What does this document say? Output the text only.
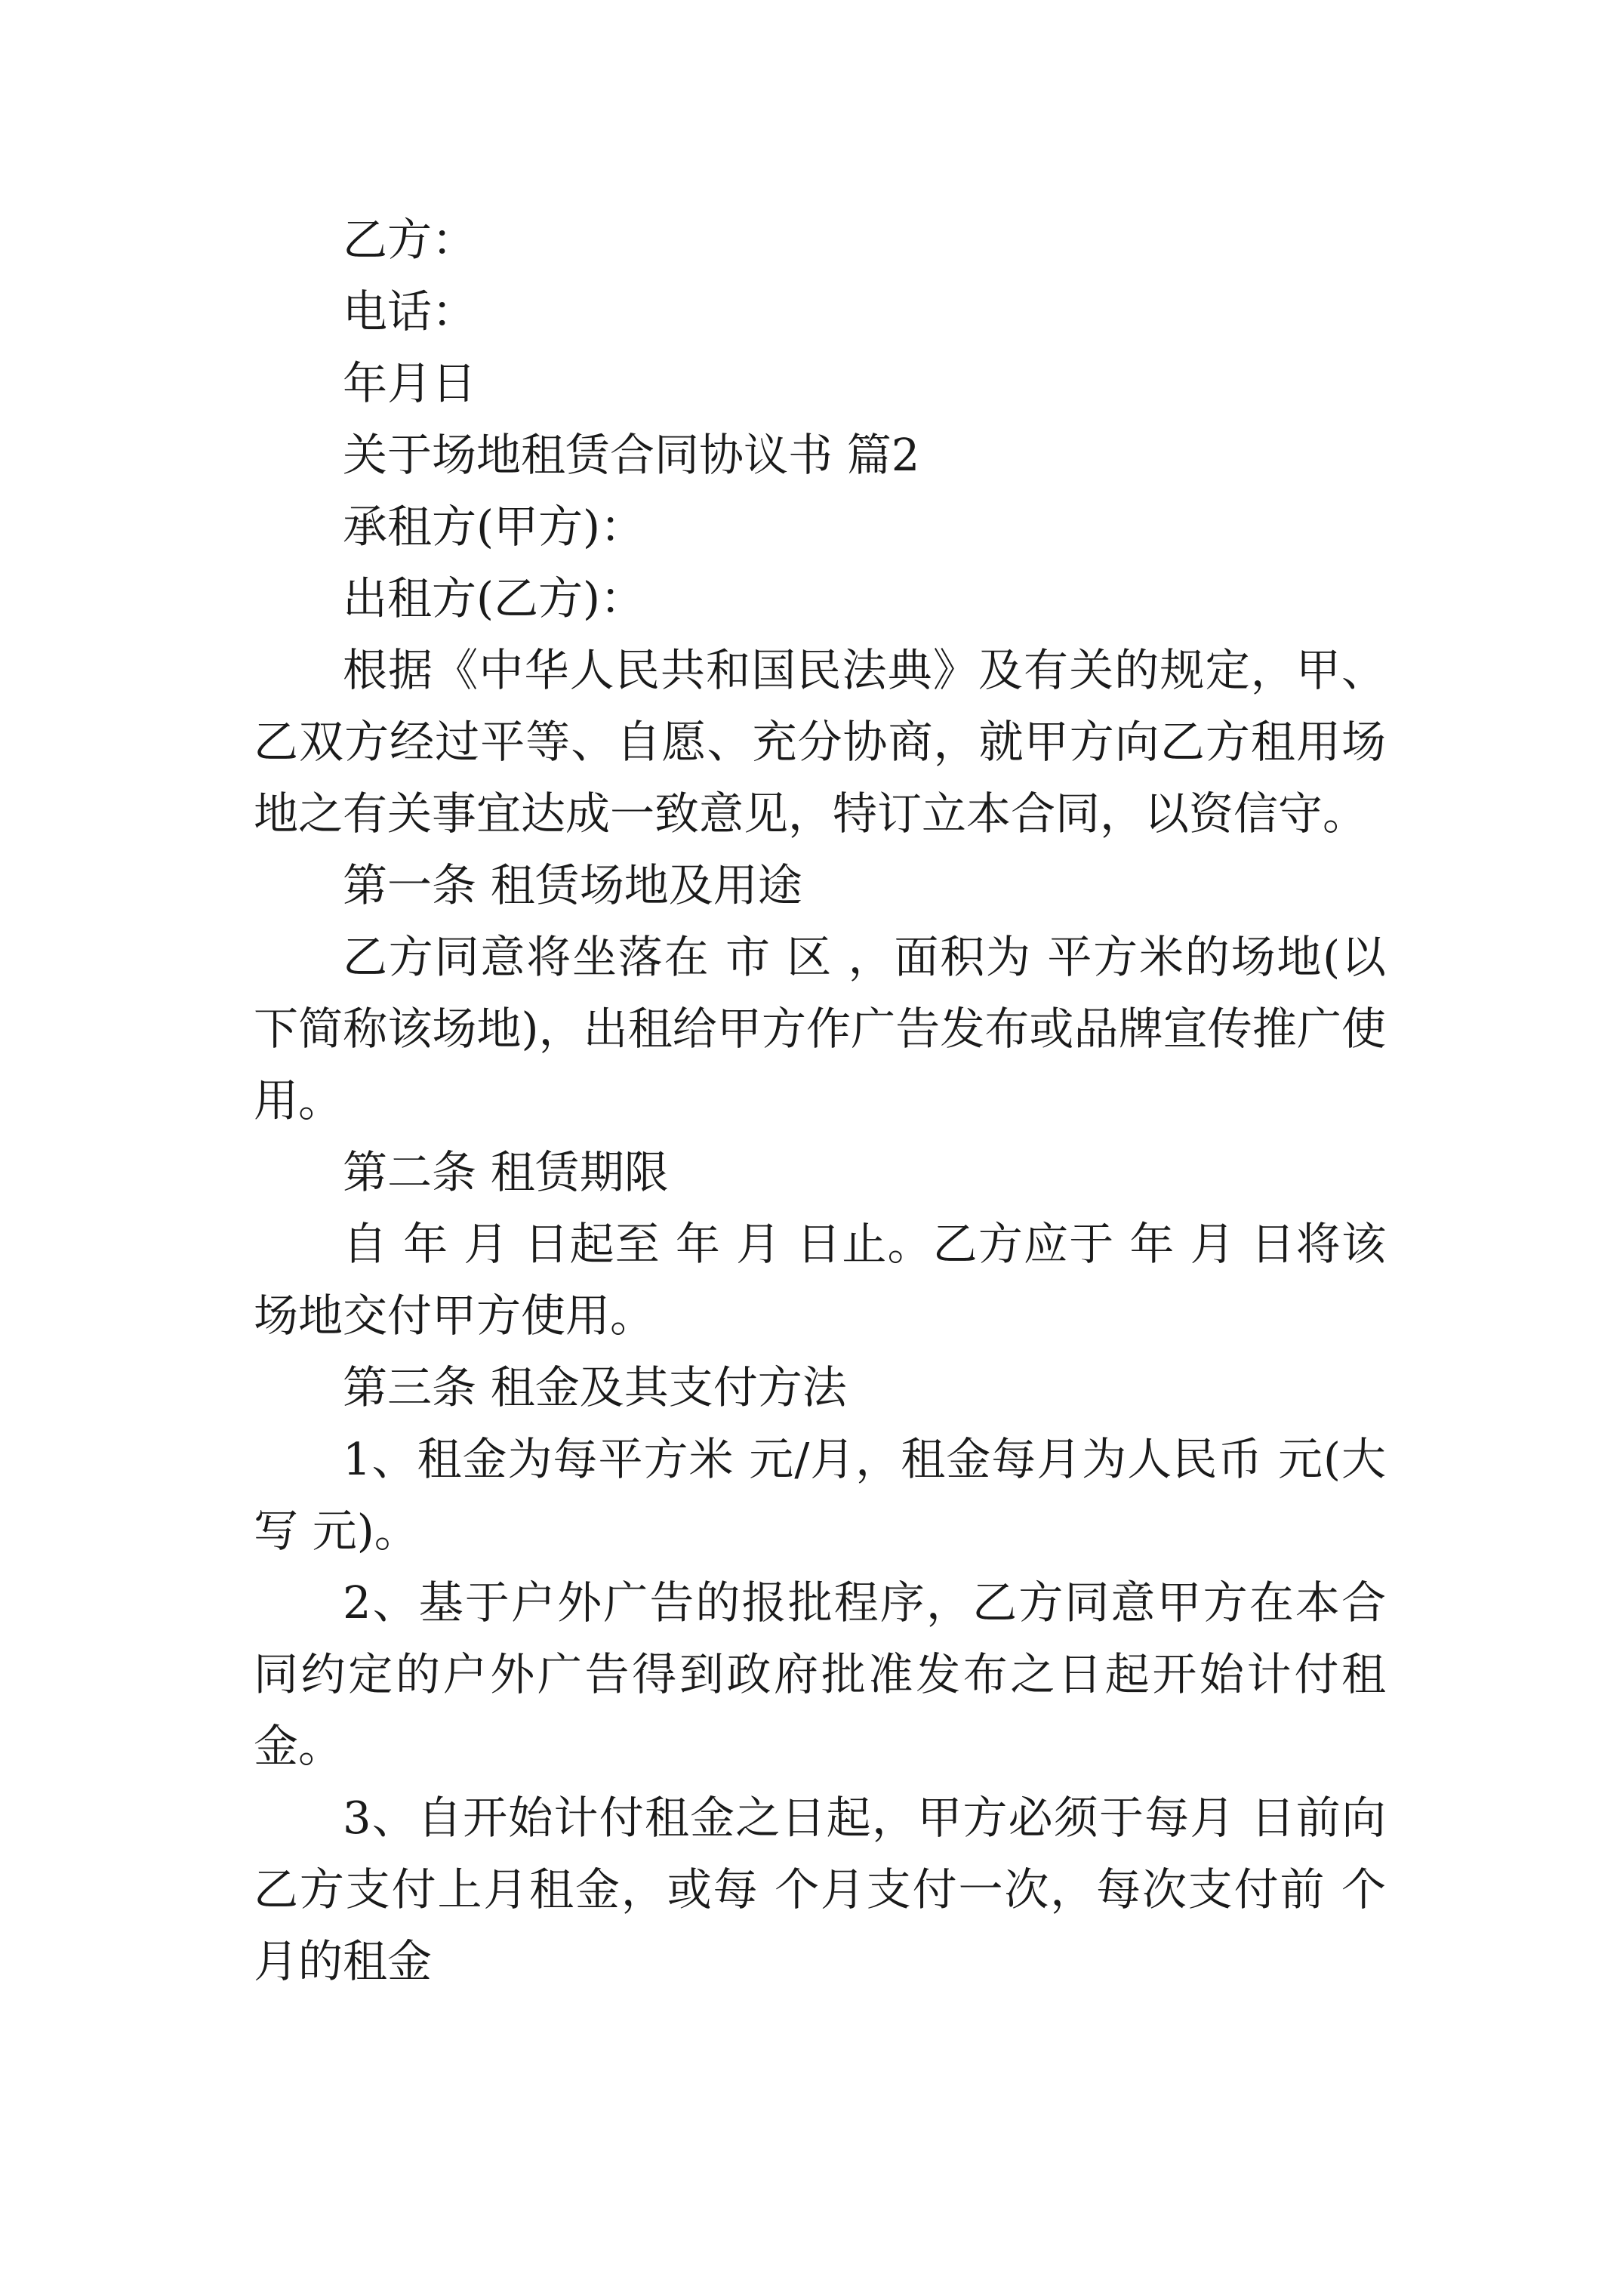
乙方：

电话：

年月日

关于场地租赁合同协议书 篇2

承租方(甲方)：

出租方(乙方)：

根据《中华人民共和国民法典》及有关的规定，甲、乙双方经过平等、自愿、充分协商，就甲方向乙方租用场地之有关事宜达成一致意见，特订立本合同，以资信守。

第一条 租赁场地及用途

乙方同意将坐落在 市 区 ，面积为 平方米的场地(以下简称该场地)，出租给甲方作广告发布或品牌宣传推广使用。

第二条 租赁期限

自 年 月 日起至 年 月 日止。乙方应于 年 月 日将该场地交付甲方使用。

第三条 租金及其支付方法

1、租金为每平方米 元/月，租金每月为人民币 元(大写 元)。

2、基于户外广告的报批程序，乙方同意甲方在本合同约定的户外广告得到政府批准发布之日起开始计付租金。

3、自开始计付租金之日起，甲方必须于每月 日前向乙方支付上月租金，或每 个月支付一次，每次支付前 个月的租金
